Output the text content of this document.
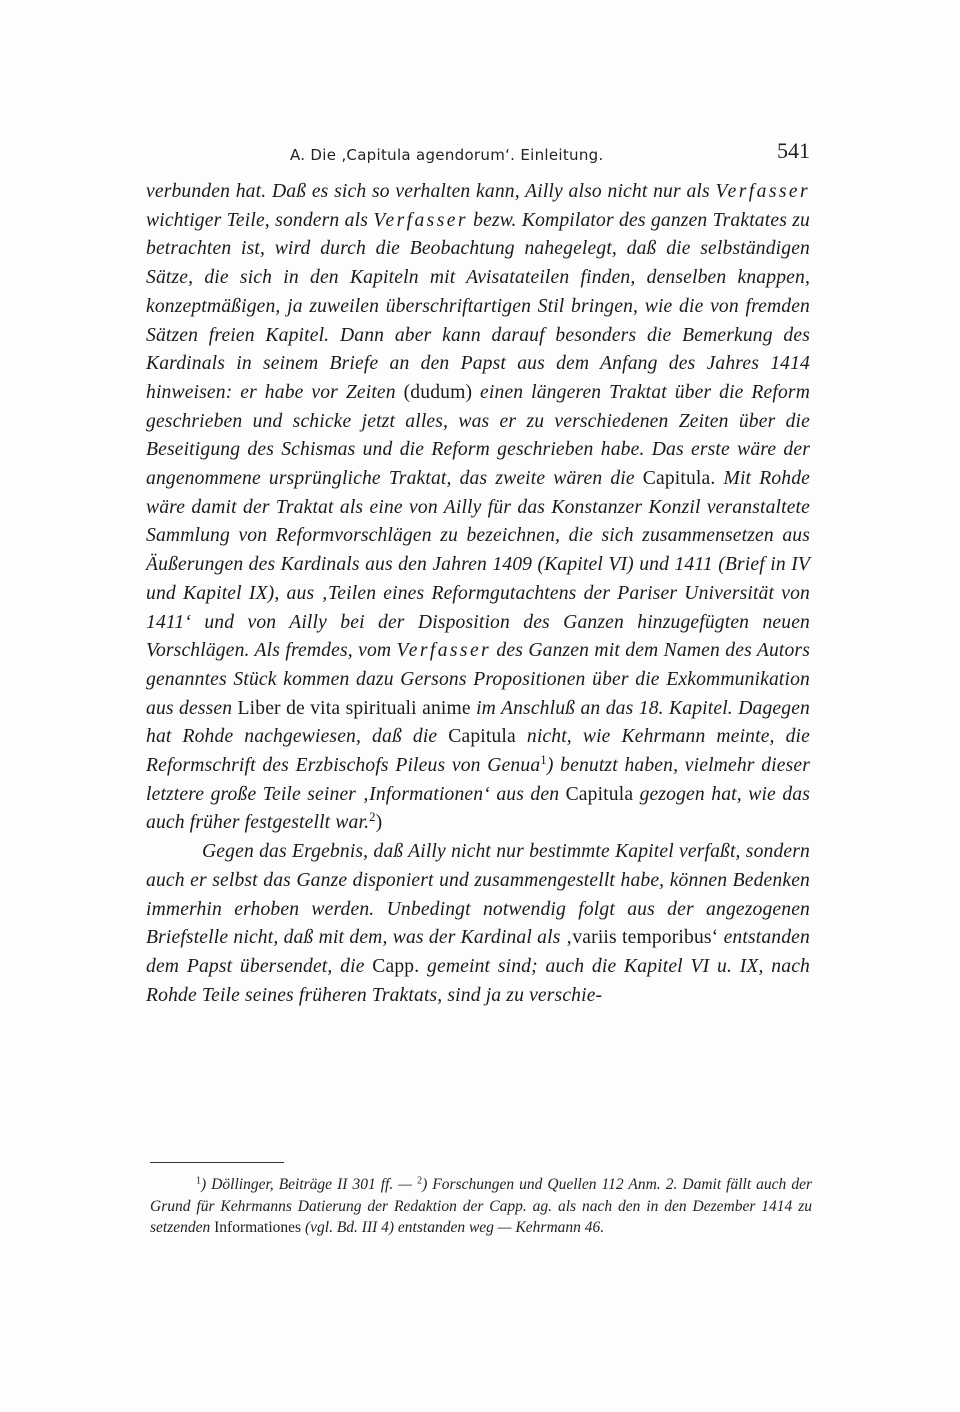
A. Die ‚Capitula agendorum‘. Einleitung.	541

verbunden hat. Daß es sich so verhalten kann, Ailly also nicht nur als Verfasser wichtiger Teile, sondern als Verfasser bezw. Kompilator des ganzen Traktates zu betrachten ist, wird durch die Beobachtung nahegelegt, daß die selbständigen Sätze, die sich in den Kapiteln mit Avisatateilen finden, denselben knappen, konzeptmäßigen, ja zuweilen überschriftartigen Stil bringen, wie die von fremden Sätzen freien Kapitel. Dann aber kann darauf besonders die Bemerkung des Kardinals in seinem Briefe an den Papst aus dem Anfang des Jahres 1414 hinweisen: er habe vor Zeiten (dudum) einen längeren Traktat über die Reform geschrieben und schicke jetzt alles, was er zu verschiedenen Zeiten über die Beseitigung des Schismas und die Reform geschrieben habe. Das erste wäre der angenommene ursprüngliche Traktat, das zweite wären die Capitula. Mit Rohde wäre damit der Traktat als eine von Ailly für das Konstanzer Konzil veranstaltete Sammlung von Reformvorschlägen zu bezeichnen, die sich zusammensetzen aus Äußerungen des Kardinals aus den Jahren 1409 (Kapitel VI) und 1411 (Brief in IV und Kapitel IX), aus ‚Teilen eines Reformgutachtens der Pariser Universität von 1411‘ und von Ailly bei der Disposition des Ganzen hinzugefügten neuen Vorschlägen. Als fremdes, vom Verfasser des Ganzen mit dem Namen des Autors genanntes Stück kommen dazu Gersons Propositionen über die Exkommunikation aus dessen Liber de vita spirituali anime im Anschluß an das 18. Kapitel. Dagegen hat Rohde nachgewiesen, daß die Capitula nicht, wie Kehrmann meinte, die Reformschrift des Erzbischofs Pileus von Genua$^1$) benutzt haben, vielmehr dieser letztere große Teile seiner ‚Informationen‘ aus den Capitula gezogen hat, wie das auch früher festgestellt war.$^2$)

Gegen das Ergebnis, daß Ailly nicht nur bestimmte Kapitel verfaßt, sondern auch er selbst das Ganze disponiert und zusammengestellt habe, können Bedenken immerhin erhoben werden. Unbedingt notwendig folgt aus der angezogenen Briefstelle nicht, daß mit dem, was der Kardinal als ‚variis temporibus‘ entstanden dem Papst übersendet, die Capp. gemeint sind; auch die Kapitel VI u. IX, nach Rohde Teile seines früheren Traktats, sind ja zu verschie-

$^1$) Döllinger, Beiträge II 301 ff. — $^2$) Forschungen und Quellen 112 Anm. 2. Damit fällt auch der Grund für Kehrmanns Datierung der Redaktion der Capp. ag. als nach den in den Dezember 1414 zu setzenden Informationes (vgl. Bd. III 4) entstanden weg — Kehrmann 46.
